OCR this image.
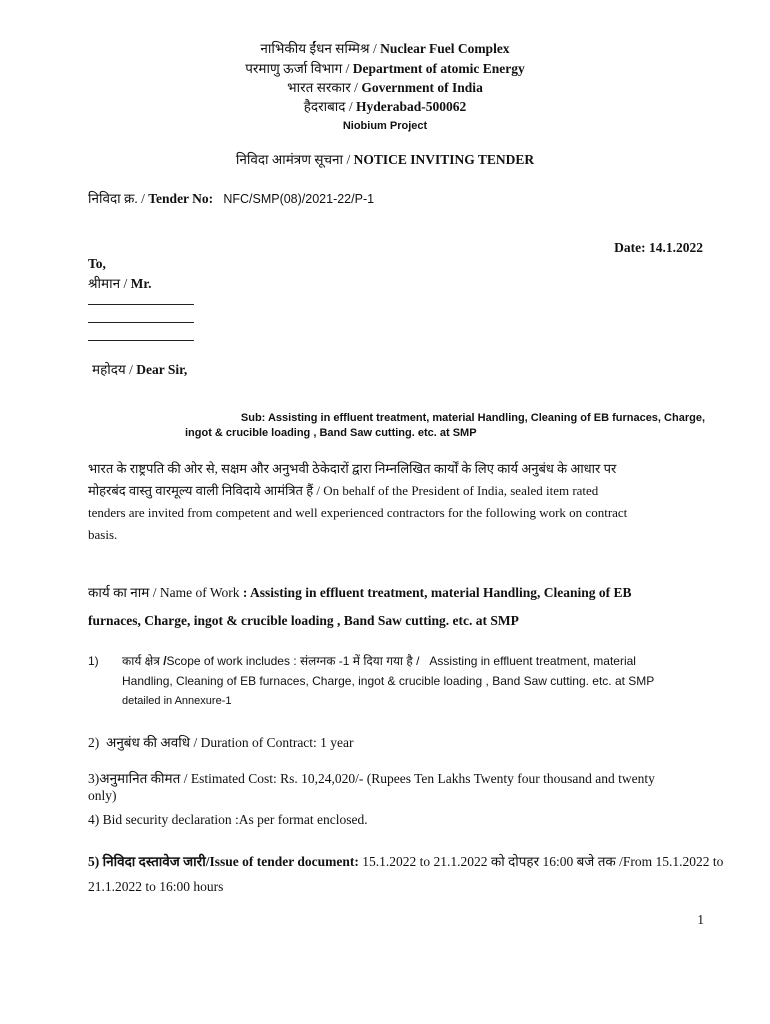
नाभिकीय ईंधन सम्मिश्र / Nuclear Fuel Complex
परमाणु ऊर्जा विभाग / Department of atomic Energy
भारत सरकार / Government of India
हैदराबाद / Hyderabad-500062
Niobium Project
निविदा आमंत्रण सूचना / NOTICE INVITING TENDER
निविदा क्र. / Tender No: NFC/SMP(08)/2021-22/P-1
Date: 14.1.2022
To,
श्रीमान / Mr.
महोदय / Dear Sir,
Sub: Assisting in effluent treatment, material Handling, Cleaning of EB furnaces, Charge,
ingot & crucible loading , Band Saw cutting. etc. at SMP
भारत के राष्ट्रपति की ओर से, सक्षम और अनुभवी ठेकेदारों द्वारा निम्नलिखित कार्यों के लिए कार्य अनुबंध के आधार पर
मोहरबंद वास्तु वारमूल्य वाली निविदाये आमंत्रित हैं / On behalf of the President of India, sealed item rated
tenders are invited from competent and well experienced contractors for the following work on contract
basis.
कार्य का नाम / Name of Work : Assisting in effluent treatment, material Handling, Cleaning of EB
furnaces, Charge, ingot & crucible loading , Band Saw cutting. etc. at SMP
1) कार्य क्षेत्र /Scope of work includes : संलग्नक -1 में दिया गया है /   Assisting in effluent treatment, material
Handling, Cleaning of EB furnaces, Charge, ingot & crucible loading , Band Saw cutting. etc. at SMP
detailed in Annexure-1
2) अनुबंध की अवधि / Duration of Contract: 1 year
3)अनुमानित कीमत / Estimated Cost: Rs. 10,24,020/- (Rupees Ten Lakhs Twenty four thousand and twenty
only)
4) Bid security declaration :As per format enclosed.
5) निविदा दस्तावेज जारी/Issue of tender document: 15.1.2022 to 21.1.2022 को दोपहर 16:00 बजे तक /From 15.1.2022 to
21.1.2022 to 16:00 hours
1
